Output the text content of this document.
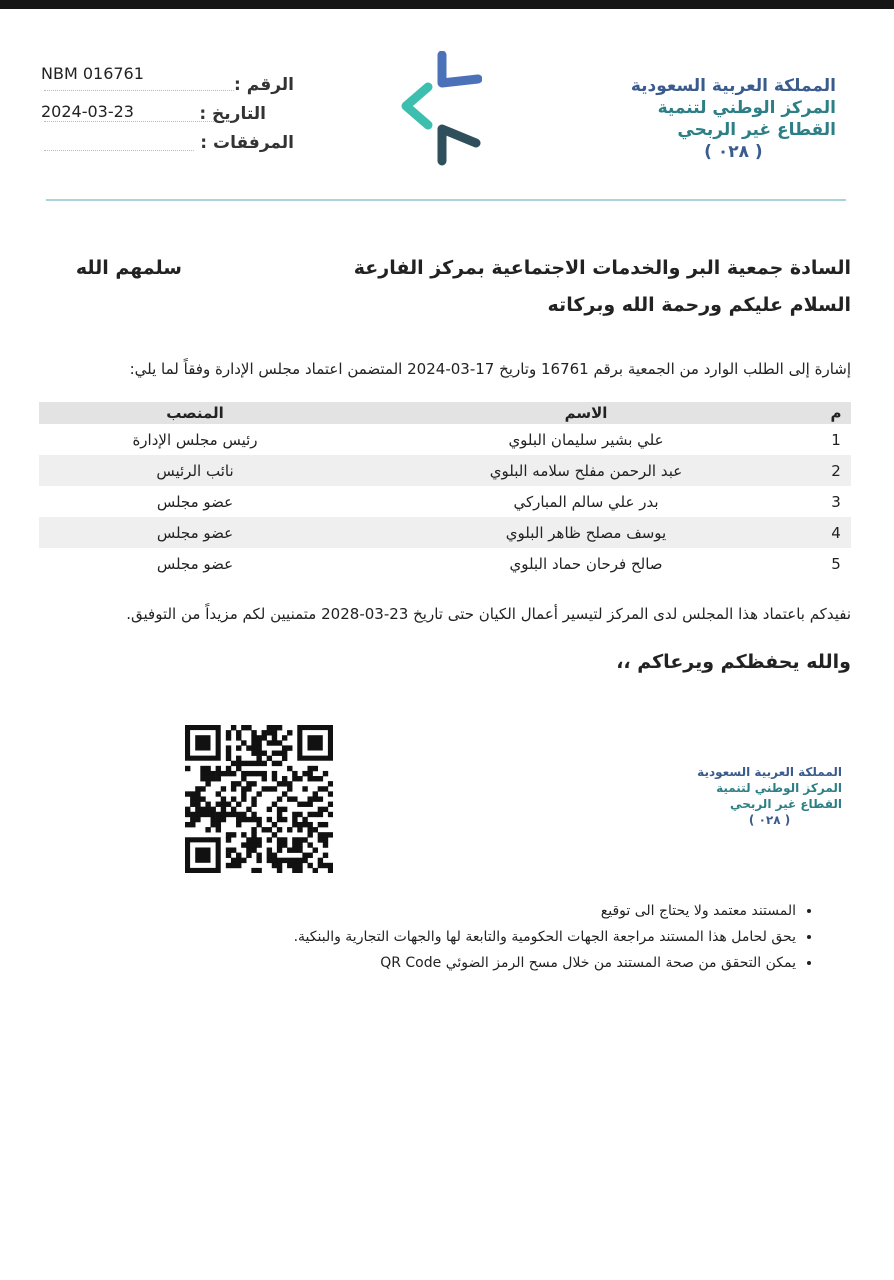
NBM 016761
الرقم :
2024-03-23	التاريخ :
المرفقات :
المملكة العربية السعودية
المركز الوطني لتنمية
القطاع غير الربحي
( ٠٢٨ )
السادة جمعية البر والخدمات الاجتماعية بمركز الفارعة
سلمهم الله
السلام عليكم ورحمة الله وبركاته
إشارة إلى الطلب الوارد من الجمعية برقم 16761 وتاريخ 17-03-2024 المتضمن اعتماد مجلس الإدارة وفقاً لما يلي:
م	الاسم	المنصب
1	علي بشير سليمان البلوي	رئيس مجلس الإدارة
2	عبد الرحمن مفلح سلامه البلوي	نائب الرئيس
3	بدر علي سالم المباركي	عضو مجلس
4	يوسف مصلح ظاهر البلوي	عضو مجلس
5	صالح فرحان حماد البلوي	عضو مجلس
نفيدكم باعتماد هذا المجلس لدى المركز لتيسير أعمال الكيان حتى تاريخ 23-03-2028 متمنيين لكم مزيداً من التوفيق.
والله يحفظكم ويرعاكم ،،
المملكة العربية السعودية
المركز الوطني لتنمية
القطاع غير الربحي
( ٠٢٨ )
• المستند معتمد ولا يحتاج الى توقيع
• يحق لحامل هذا المستند مراجعة الجهات الحكومية والتابعة لها والجهات التجارية والبنكية.
• يمكن التحقق من صحة المستند من خلال مسح الرمز الضوئي QR Code
